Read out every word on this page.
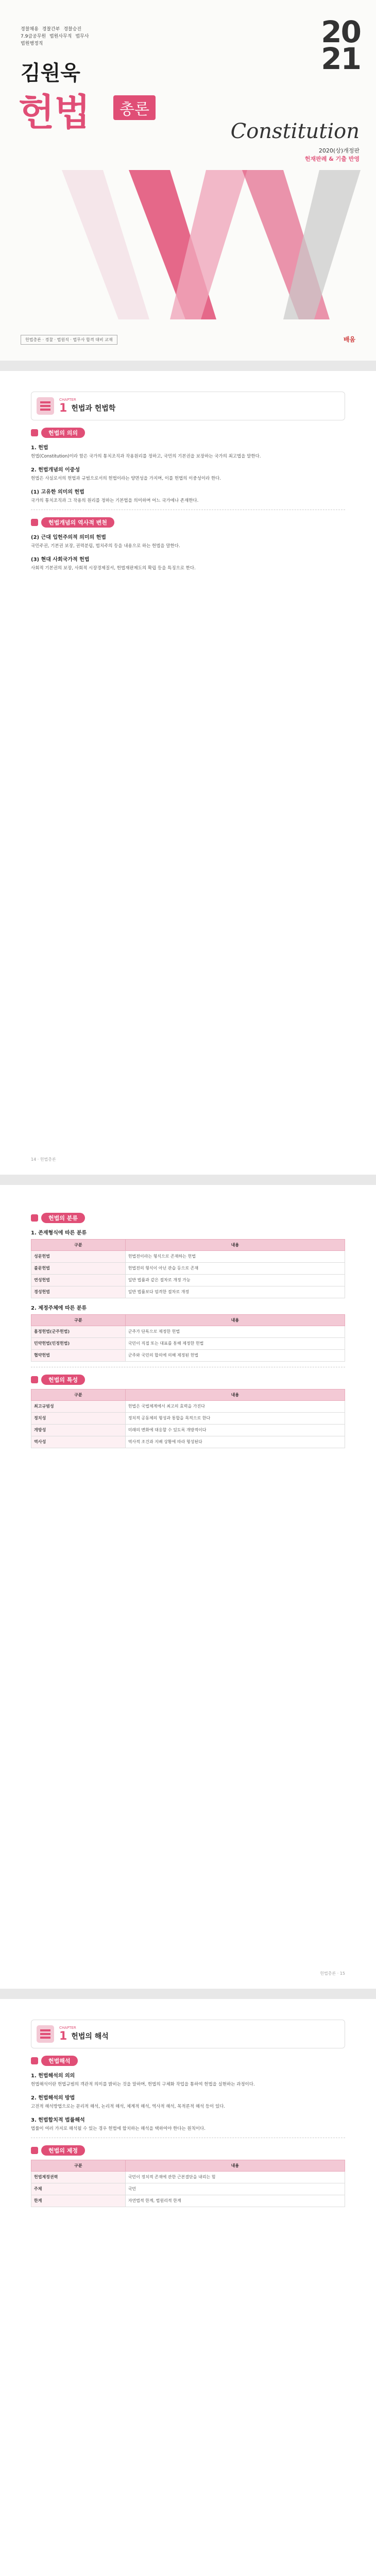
경찰채용 경찰간부 경찰승진 7.9급공무원 법원사무직 법무사 법원행정직	20
21
김원욱
헌법	총론
Constitution
2020(상)개정판
헌재판례 & 기출 반영
헌법총론 · 경찰 · 법원직 · 법무사 합격 대비 교재	배움
CHAPTER
1 헌법과 헌법학
헌법의 의의
1. 헌법

헌법(Constitution)이라 함은 국가의 통치조직과 작용원리를 정하고, 국민의 기본권을 보장하는 국가의 최고법을 말한다.

2. 헌법개념의 이중성

헌법은 사실로서의 헌법과 규범으로서의 헌법이라는 양면성을 가지며, 이를 헌법의 이중성이라 한다.

(1) 고유한 의미의 헌법

국가의 통치조직과 그 작용의 원리를 정하는 기본법을 의미하며 어느 국가에나 존재한다.

헌법개념의 역사적 변천
(2) 근대 입헌주의적 의미의 헌법

국민주권, 기본권 보장, 권력분립, 법치주의 등을 내용으로 하는 헌법을 말한다.

(3) 현대 사회국가적 헌법

사회적 기본권의 보장, 사회적 시장경제질서, 헌법재판제도의 확립 등을 특징으로 한다.

14 · 헌법총론
헌법의 분류
1. 존재형식에 따른 분류
구분	내용
성문헌법	헌법전이라는 형식으로 존재하는 헌법
불문헌법	헌법전의 형식이 아닌 관습 등으로 존재
연성헌법	일반 법률과 같은 절차로 개정 가능
경성헌법	일반 법률보다 엄격한 절차로 개정
2. 제정주체에 따른 분류
구분	내용
흠정헌법(군주헌법)	군주가 단독으로 제정한 헌법
민약헌법(민정헌법)	국민이 직접 또는 대표를 통해 제정한 헌법
협약헌법	군주와 국민의 합의에 의해 제정된 헌법
헌법의 특성
구분	내용
최고규범성	헌법은 국법체계에서 최고의 효력을 가진다
정치성	정치적 공동체의 형성과 통합을 목적으로 한다
개방성	미래의 변화에 대응할 수 있도록 개방적이다
역사성	역사적 조건과 지배 상황에 따라 형성된다
헌법총론 · 15
CHAPTER
1 헌법의 해석
헌법해석
1. 헌법해석의 의의

헌법해석이란 헌법규범의 객관적 의미를 밝히는 것을 말하며, 헌법의 구체화 작업을 통하여 헌법을 실현하는 과정이다.

2. 헌법해석의 방법

고전적 해석방법으로는 문리적 해석, 논리적 해석, 체계적 해석, 역사적 해석, 목적론적 해석 등이 있다.

3. 헌법합치적 법률해석

법률이 여러 가지로 해석될 수 있는 경우 헌법에 합치하는 해석을 택하여야 한다는 원칙이다.

헌법의 제정
구분	내용
헌법제정권력	국민이 정치적 존재에 관한 근본결단을 내리는 힘
주체	국민
한계	자연법적 한계, 법원리적 한계
